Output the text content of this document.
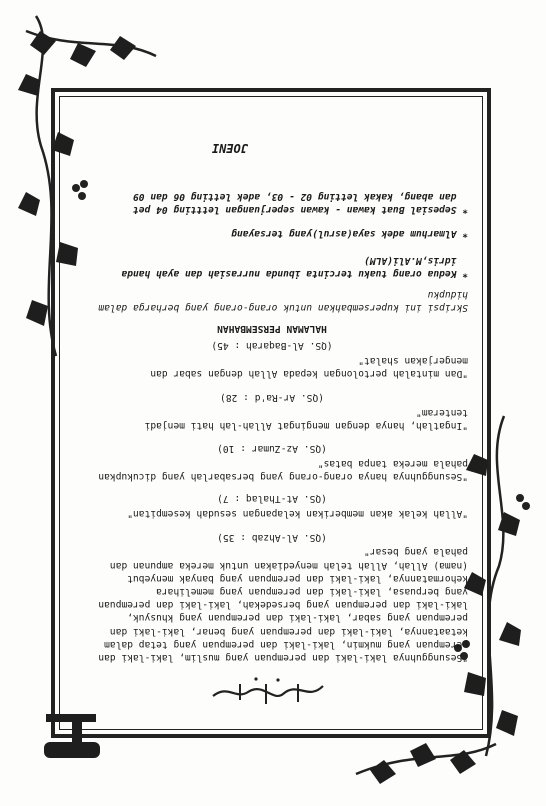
"Sesungguhnya laki-laki dan perempuan yang muslim, laki-laki dan
perempuan yang mukmin, laki-laki dan perempuan yang tetap dalam
ketaatannya, laki-laki dan perempuan yang benar, laki-laki dan
perempuan yang sabar, laki-laki dan perempuan yang khusyuk,
laki-laki dan perempuan yang bersedekah, laki-laki dan perempuan
yang berpuasa, laki-laki dan perempuan yang memelihara
kehormatannya, laki-laki dan perempuan yang banyak menyebut
(nama) Allah, Allah telah menyediakan untuk mereka ampunan dan
pahala yang besar"
(QS. Al-Ahzab : 35)
"Allah kelak akan memberikan kelapangan sesudah kesempitan"
(QS. At-Thalaq : 7)
"Sesungguhnya hanya orang-orang yang bersabarlah yang dicukupkan
pahala mereka tanpa batas"
(QS. Az-Zumar : 10)
"Ingatlah, hanya dengan mengingat Allah-lah hati menjadi
tenteram"
(QS. Ar-Ra'd : 28)
"Dan mintalah pertolongan kepada Allah dengan sabar dan
mengerjakan shalat"
(QS. Al-Baqarah : 45)
HALAMAN PERSEMBAHAN
Skripsi ini kupersembahkan untuk orang-orang yang berharga dalam
hidupku
* Kedua orang tuaku tercinta ibunda nurrasiah dan ayah handa
idris,M.Ali(ALM)
* Almarhum adek saya(asrul)yang tersayang
* Sepesial Buat kawan - kawan seperjuangan lettting 04 pet
dan abang, kakak letting 02 - 03, adek letting 06 dan 09
JOENI
